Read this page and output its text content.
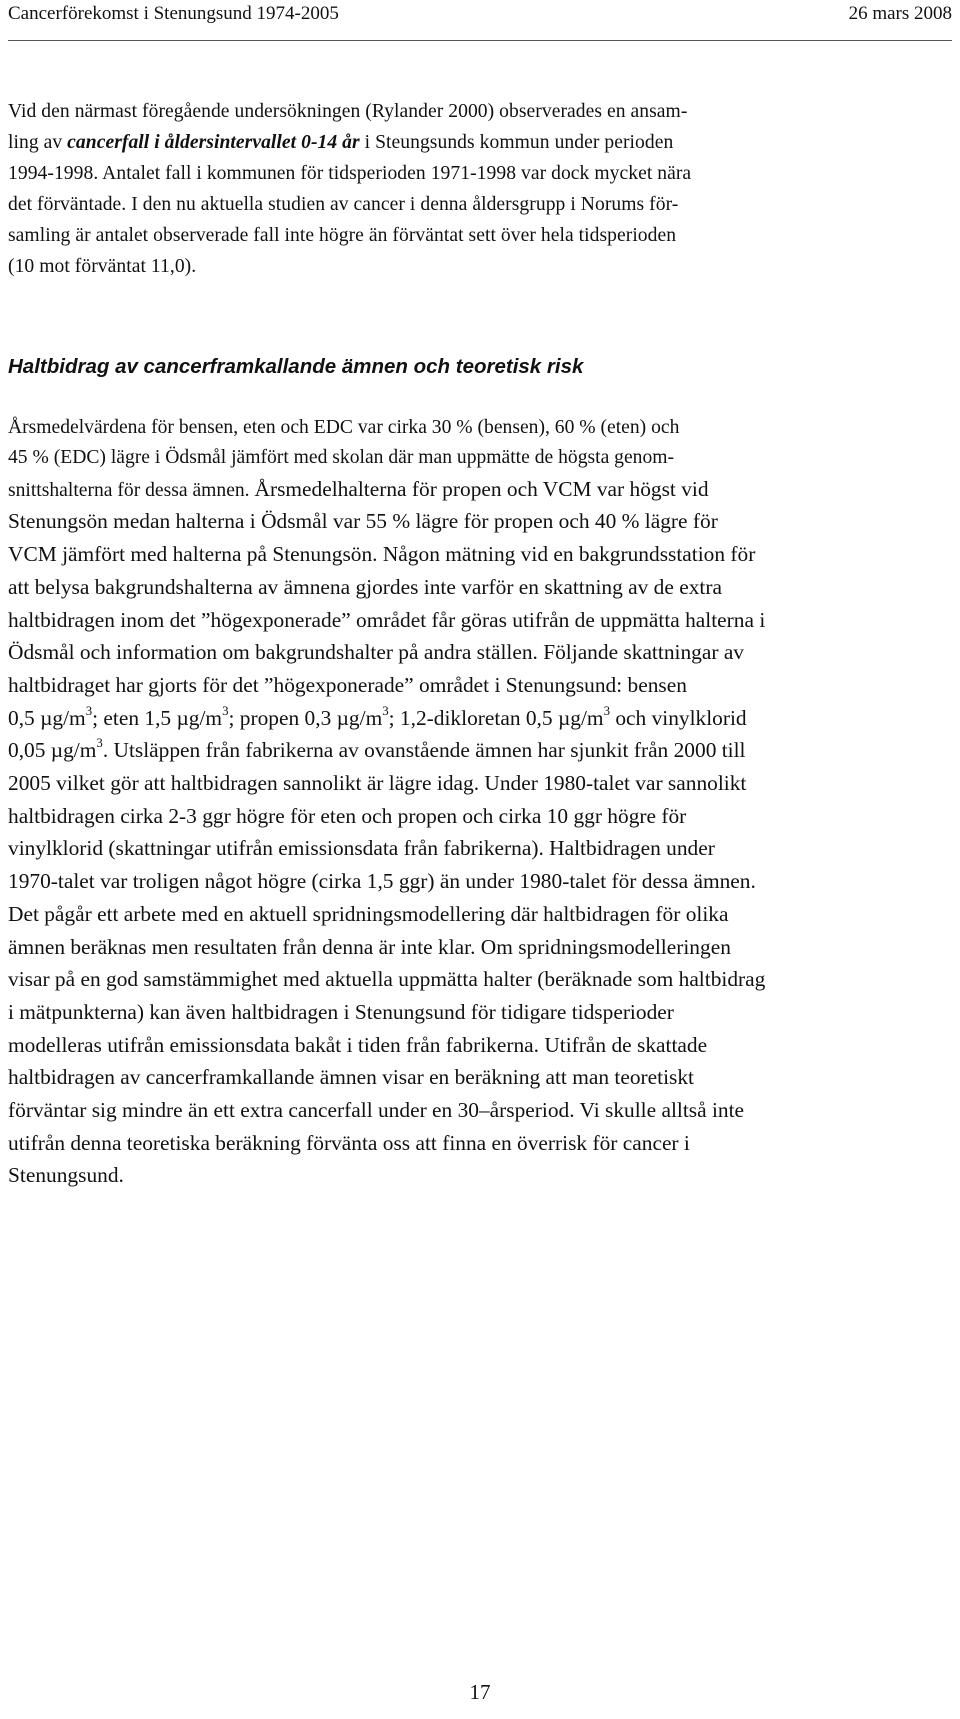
Cancerförekomst i Stenungsund 1974-2005	26 mars 2008

Vid den närmast föregående undersökningen (Rylander 2000) observerades en ansam-
ling av cancerfall i åldersintervallet 0-14 år i Steungsunds kommun under perioden
1994-1998. Antalet fall i kommunen för tidsperioden 1971-1998 var dock mycket nära
det förväntade. I den nu aktuella studien av cancer i denna åldersgrupp i Norums för-
samling är antalet observerade fall inte högre än förväntat sett över hela tidsperioden
(10 mot förväntat 11,0).

Haltbidrag av cancerframkallande ämnen och teoretisk risk

Årsmedelvärdena för bensen, eten och EDC var cirka 30 % (bensen), 60 % (eten) och
45 % (EDC) lägre i Ödsmål jämfört med skolan där man uppmätte de högsta genom-
snittshalterna för dessa ämnen. Årsmedelhalterna för propen och VCM var högst vid

Stenungsön medan halterna i Ödsmål var 55 % lägre för propen och 40 % lägre för
VCM jämfört med halterna på Stenungsön. Någon mätning vid en bakgrundsstation för
att belysa bakgrundshalterna av ämnena gjordes inte varför en skattning av de extra
haltbidragen inom det ”högexponerade” området får göras utifrån de uppmätta halterna i
Ödsmål och information om bakgrundshalter på andra ställen. Följande skattningar av
haltbidraget har gjorts för det ”högexponerade” området i Stenungsund: bensen
0,5 $\mu g/m^3$; eten 1,5 $\mu g/m^3$; propen 0,3 $\mu g/m^3$; 1,2-dikloretan 0,5 $\mu g/m^3$ och vinylklorid
0,05 $\mu g/m^3$. Utsläppen från fabrikerna av ovanstående ämnen har sjunkit från 2000 till
2005 vilket gör att haltbidragen sannolikt är lägre idag. Under 1980-talet var sannolikt
haltbidragen cirka 2-3 ggr högre för eten och propen och cirka 10 ggr högre för
vinylklorid (skattningar utifrån emissionsdata från fabrikerna). Haltbidragen under
1970-talet var troligen något högre (cirka 1,5 ggr) än under 1980-talet för dessa ämnen.
Det pågår ett arbete med en aktuell spridningsmodellering där haltbidragen för olika
ämnen beräknas men resultaten från denna är inte klar. Om spridningsmodelleringen
visar på en god samstämmighet med aktuella uppmätta halter (beräknade som haltbidrag
i mätpunkterna) kan även haltbidragen i Stenungsund för tidigare tidsperioder
modelleras utifrån emissionsdata bakåt i tiden från fabrikerna. Utifrån de skattade
haltbidragen av cancerframkallande ämnen visar en beräkning att man teoretiskt
förväntar sig mindre än ett extra cancerfall under en 30–årsperiod. Vi skulle alltså inte
utifrån denna teoretiska beräkning förvänta oss att finna en överrisk för cancer i
Stenungsund.

17
